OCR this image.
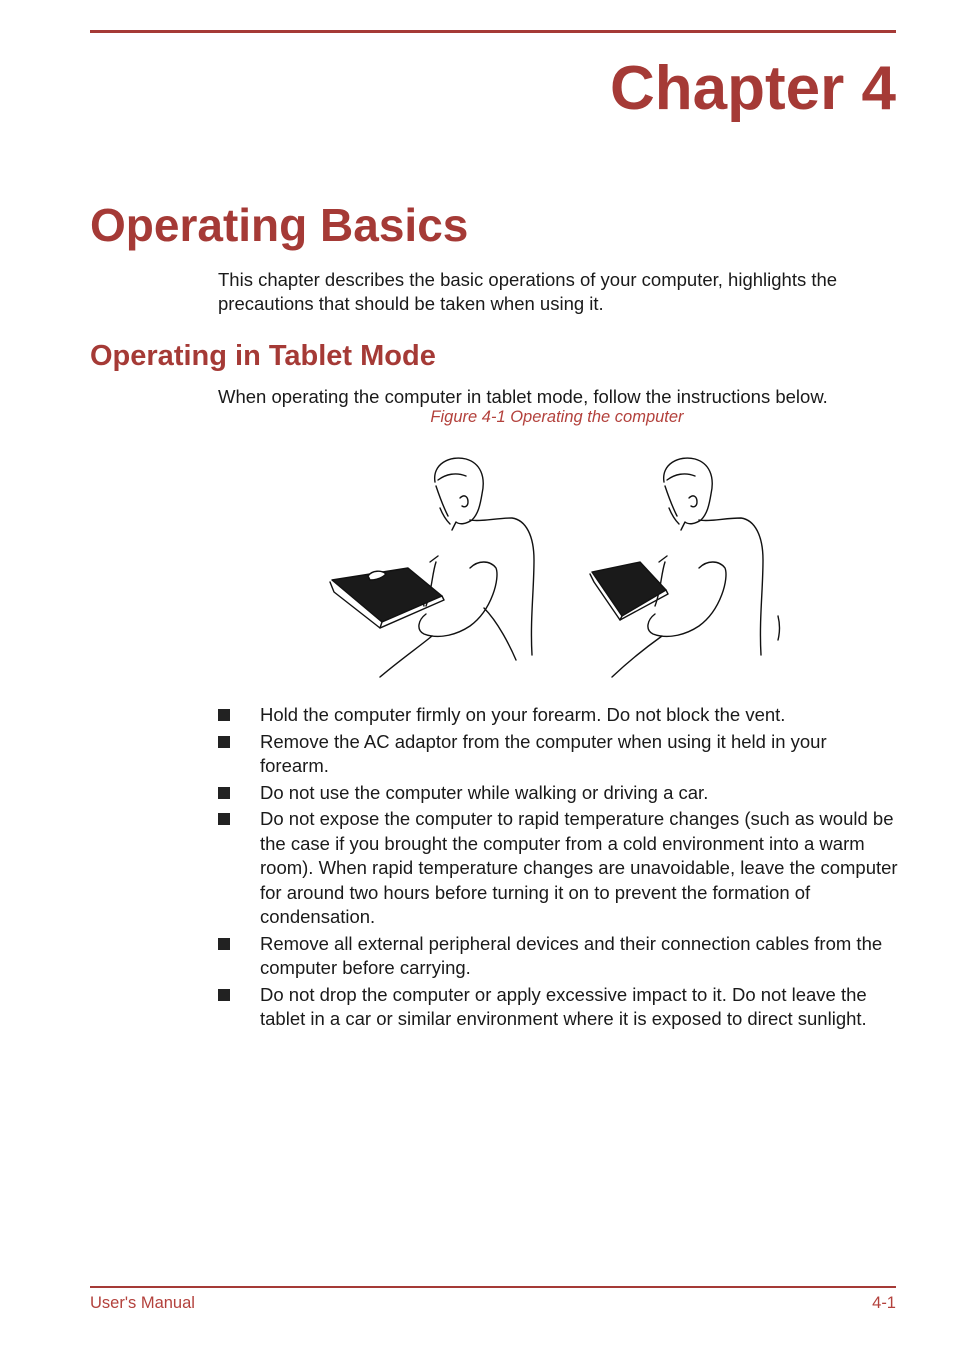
Chapter 4
Operating Basics
This chapter describes the basic operations of your computer, highlights the precautions that should be taken when using it.
Operating in Tablet Mode
When operating the computer in tablet mode, follow the instructions below.
Figure 4-1 Operating the computer
Hold the computer firmly on your forearm. Do not block the vent.
Remove the AC adaptor from the computer when using it held in your forearm.
Do not use the computer while walking or driving a car.
Do not expose the computer to rapid temperature changes (such as would be the case if you brought the computer from a cold environment into a warm room). When rapid temperature changes are unavoidable, leave the computer for around two hours before turning it on to prevent the formation of condensation.
Remove all external peripheral devices and their connection cables from the computer before carrying.
Do not drop the computer or apply excessive impact to it. Do not leave the tablet in a car or similar environment where it is exposed to direct sunlight.
User's Manual	4-1
